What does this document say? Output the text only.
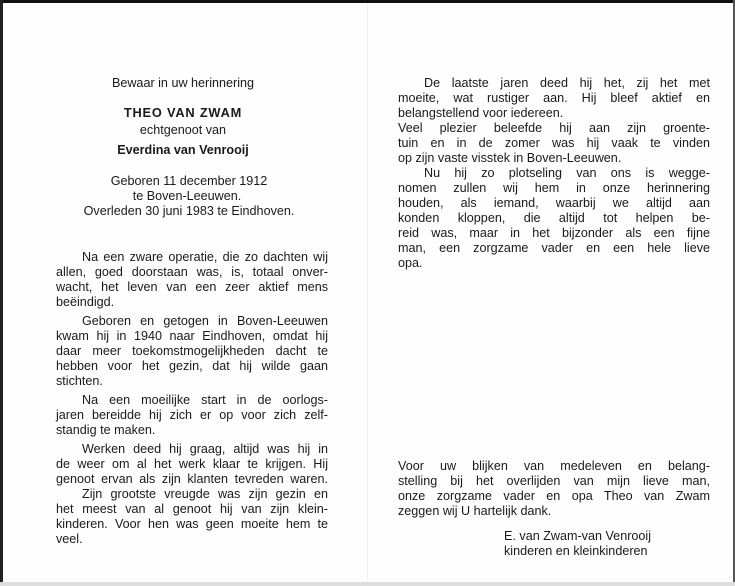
Bewaar in uw herinnering
THEO VAN ZWAM
echtgenoot van
Everdina van Venrooij
Geboren 11 december 1912
te Boven-Leeuwen.
Overleden 30 juni 1983 te Eindhoven.
Na een zware operatie, die zo dachten wij
allen, goed doorstaan was, is, totaal onver-
wacht, het leven van een zeer aktief mens
beëindigd.
Geboren en getogen in Boven-Leeuwen
kwam hij in 1940 naar Eindhoven, omdat hij
daar meer toekomstmogelijkheden dacht te
hebben voor het gezin, dat hij wilde gaan
stichten.
Na een moeilijke start in de oorlogs-
jaren bereidde hij zich er op voor zich zelf-
standig te maken.
Werken deed hij graag, altijd was hij in
de weer om al het werk klaar te krijgen. Hij
genoot ervan als zijn klanten tevreden waren.
Zijn grootste vreugde was zijn gezin en
het meest van al genoot hij van zijn klein-
kinderen. Voor hen was geen moeite hem te
veel.
De laatste jaren deed hij het, zij het met
moeite, wat rustiger aan. Hij bleef aktief en
belangstellend voor iedereen.
Veel plezier beleefde hij aan zijn groente-
tuin en in de zomer was hij vaak te vinden
op zijn vaste visstek in Boven-Leeuwen.
Nu hij zo plotseling van ons is wegge-
nomen zullen wij hem in onze herinnering
houden, als iemand, waarbij we altijd aan
konden kloppen, die altijd tot helpen be-
reid was, maar in het bijzonder als een fijne
man, een zorgzame vader en een hele lieve
opa.
Voor uw blijken van medeleven en belang-
stelling bij het overlijden van mijn lieve man,
onze zorgzame vader en opa Theo van Zwam
zeggen wij U hartelijk dank.
E. van Zwam-van Venrooij
kinderen en kleinkinderen
